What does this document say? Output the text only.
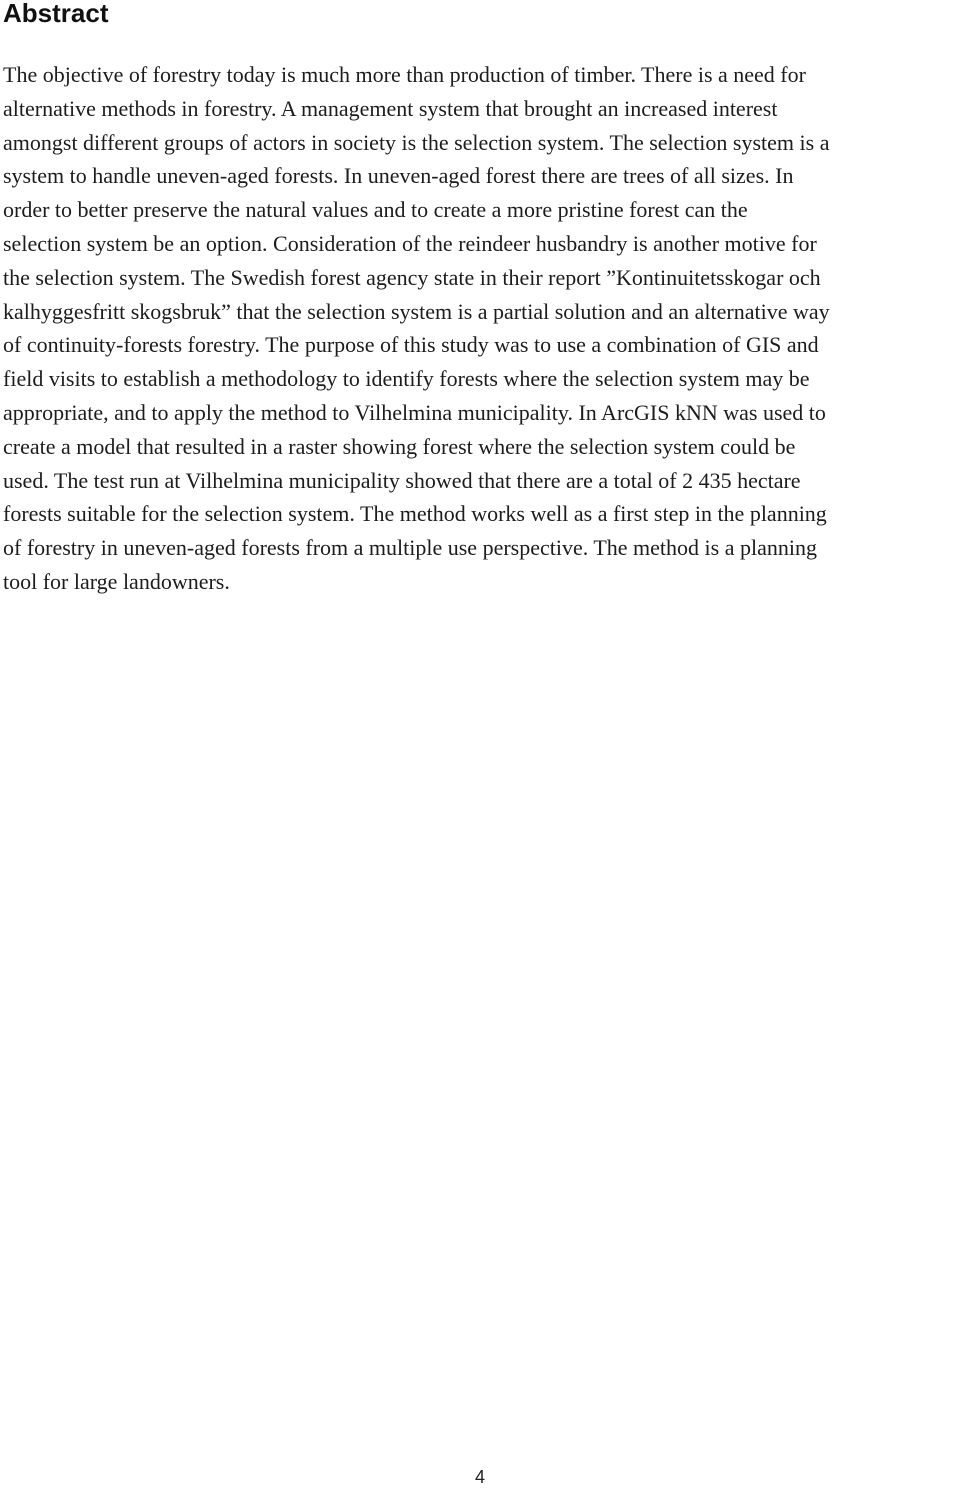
Abstract

The objective of forestry today is much more than production of timber. There is a need for
alternative methods in forestry. A management system that brought an increased interest
amongst different groups of actors in society is the selection system. The selection system is a
system to handle uneven-aged forests. In uneven-aged forest there are trees of all sizes. In
order to better preserve the natural values and to create a more pristine forest can the
selection system be an option. Consideration of the reindeer husbandry is another motive for
the selection system. The Swedish forest agency state in their report ”Kontinuitetsskogar och
kalhyggesfritt skogsbruk” that the selection system is a partial solution and an alternative way
of continuity-forests forestry. The purpose of this study was to use a combination of GIS and
field visits to establish a methodology to identify forests where the selection system may be
appropriate, and to apply the method to Vilhelmina municipality. In ArcGIS kNN was used to
create a model that resulted in a raster showing forest where the selection system could be
used. The test run at Vilhelmina municipality showed that there are a total of 2 435 hectare
forests suitable for the selection system. The method works well as a first step in the planning
of forestry in uneven-aged forests from a multiple use perspective. The method is a planning
tool for large landowners.

4
